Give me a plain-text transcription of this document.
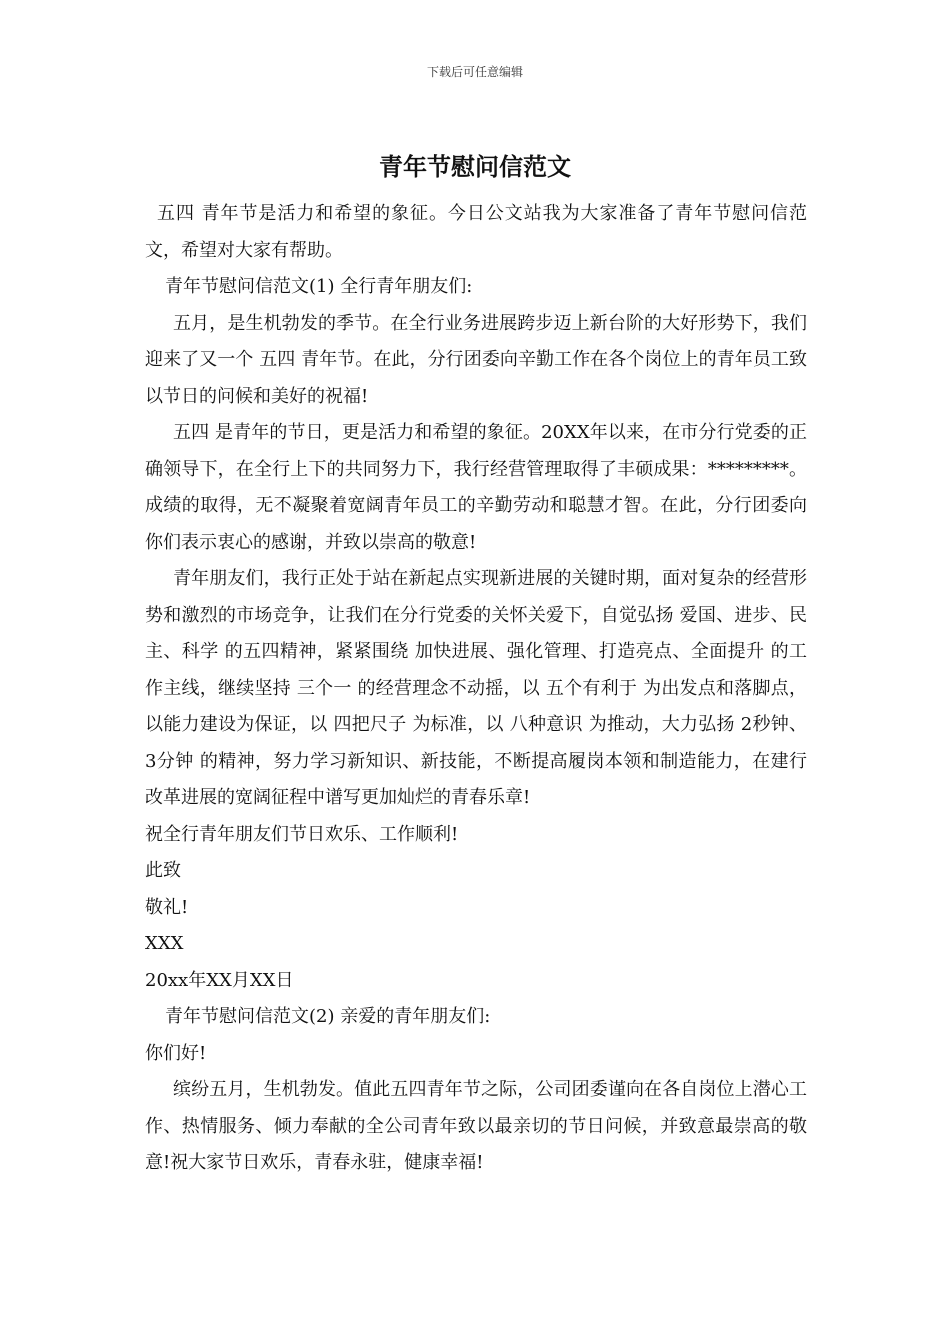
下载后可任意编辑
青年节慰问信范文

五四 青年节是活力和希望的象征。今日公文站我为大家准备了青年节慰问信范文，希望对大家有帮助。

青年节慰问信范文(1) 全行青年朋友们:

五月，是生机勃发的季节。在全行业务进展跨步迈上新台阶的大好形势下，我们迎来了又一个 五四 青年节。在此，分行团委向辛勤工作在各个岗位上的青年员工致以节日的问候和美好的祝福!

五四 是青年的节日，更是活力和希望的象征。20XX年以来，在市分行党委的正确领导下，在全行上下的共同努力下，我行经营管理取得了丰硕成果：*********。成绩的取得，无不凝聚着宽阔青年员工的辛勤劳动和聪慧才智。在此，分行团委向你们表示衷心的感谢，并致以崇高的敬意!

青年朋友们，我行正处于站在新起点实现新进展的关键时期，面对复杂的经营形势和激烈的市场竞争，让我们在分行党委的关怀关爱下，自觉弘扬 爱国、进步、民主、科学 的五四精神，紧紧围绕 加快进展、强化管理、打造亮点、全面提升 的工作主线，继续坚持 三个一 的经营理念不动摇，以 五个有利于 为出发点和落脚点，以能力建设为保证，以 四把尺子 为标准，以 八种意识 为推动，大力弘扬 2秒钟、3分钟 的精神，努力学习新知识、新技能，不断提高履岗本领和制造能力，在建行改革进展的宽阔征程中谱写更加灿烂的青春乐章!

祝全行青年朋友们节日欢乐、工作顺利!

此致

敬礼!

XXX

20xx年XX月XX日

青年节慰问信范文(2) 亲爱的青年朋友们:

你们好!

缤纷五月，生机勃发。值此五四青年节之际，公司团委谨向在各自岗位上潜心工作、热情服务、倾力奉献的全公司青年致以最亲切的节日问候，并致意最崇高的敬意!祝大家节日欢乐，青春永驻，健康幸福!
